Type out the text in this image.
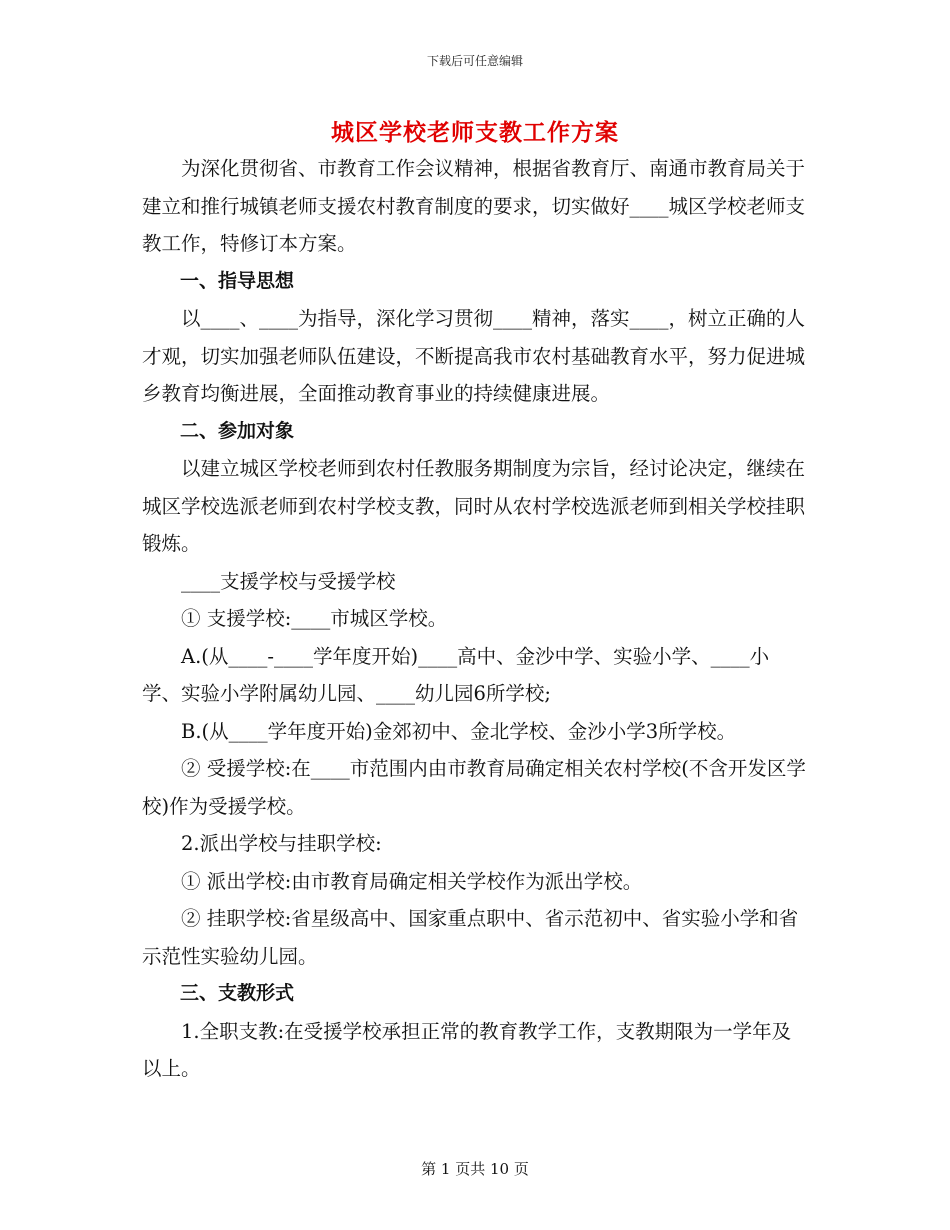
下载后可任意编辑
城区学校老师支教工作方案

为深化贯彻省、市教育工作会议精神，根据省教育厅、南通市教育局关于建立和推行城镇老师支援农村教育制度的要求，切实做好____城区学校老师支教工作，特修订本方案。

一、指导思想

以____、____为指导，深化学习贯彻____精神，落实____，树立正确的人才观，切实加强老师队伍建设，不断提高我市农村基础教育水平，努力促进城乡教育均衡进展，全面推动教育事业的持续健康进展。

二、参加对象

以建立城区学校老师到农村任教服务期制度为宗旨，经讨论决定，继续在城区学校选派老师到农村学校支教，同时从农村学校选派老师到相关学校挂职锻炼。

____支援学校与受援学校

① 支援学校:____市城区学校。

A.(从____-____学年度开始)____高中、金沙中学、实验小学、____小学、实验小学附属幼儿园、____幼儿园6所学校;

B.(从____学年度开始)金郊初中、金北学校、金沙小学3所学校。

② 受援学校:在____市范围内由市教育局确定相关农村学校(不含开发区学校)作为受援学校。

2.派出学校与挂职学校:

① 派出学校:由市教育局确定相关学校作为派出学校。

② 挂职学校:省星级高中、国家重点职中、省示范初中、省实验小学和省示范性实验幼儿园。

三、支教形式

1.全职支教:在受援学校承担正常的教育教学工作，支教期限为一学年及以上。

第 1 页共 10 页
